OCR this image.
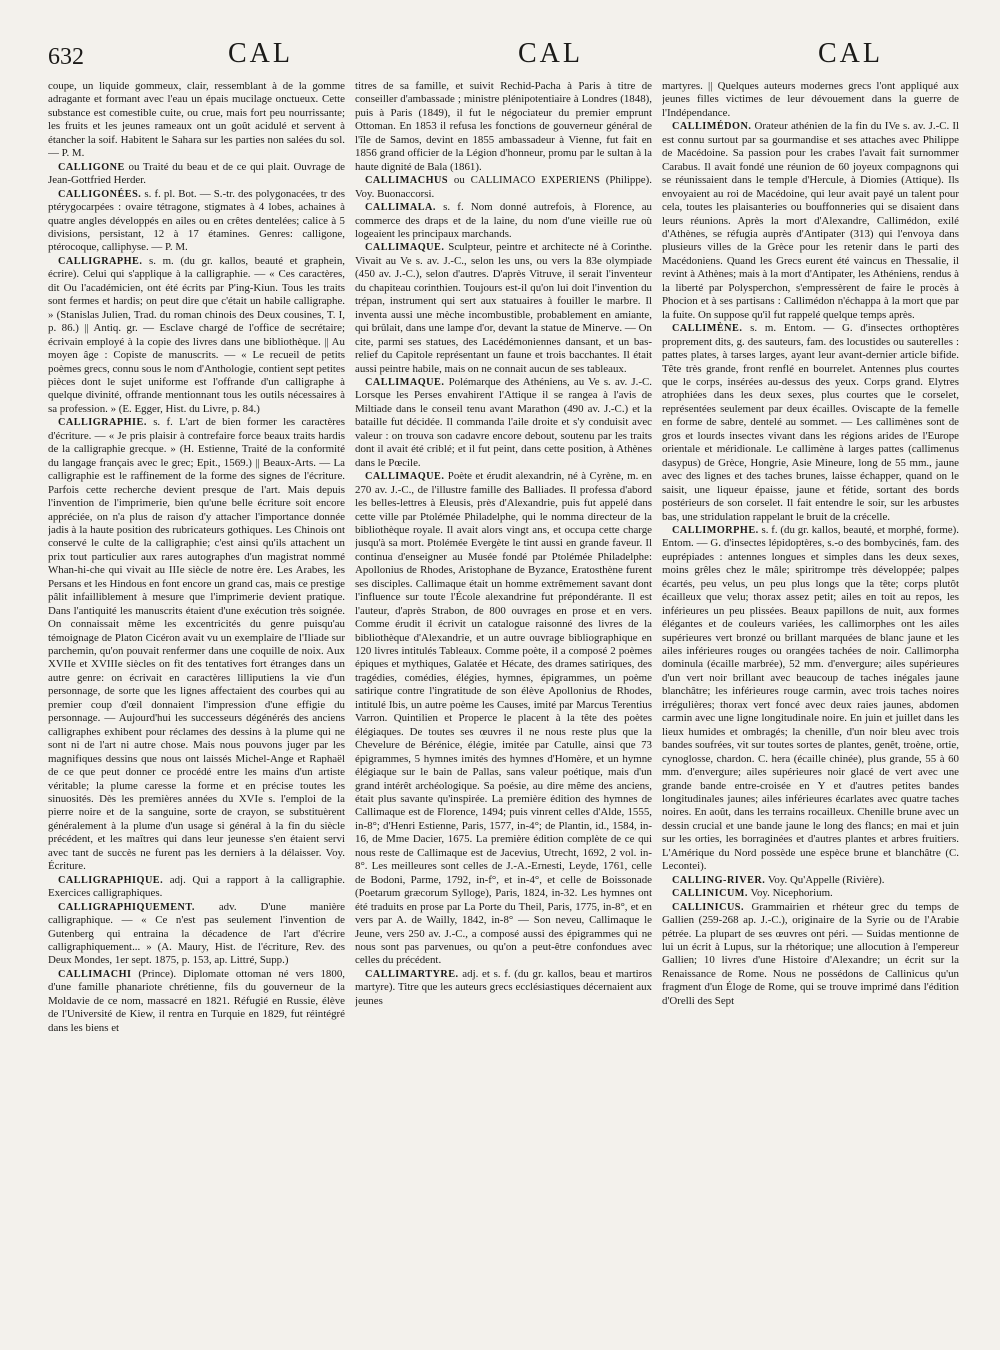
632	CAL	CAL	CAL

coupe, un liquide gommeux, clair, ressemblant à de la gomme adragante et formant avec l'eau un épais mucilage onctueux. Cette substance est comestible cuite, ou crue, mais fort peu nourrissante; les fruits et les jeunes rameaux ont un goût acidulé et servent à étancher la soif. Habitent le Sahara sur les parties non salées du sol. — P. M.

CALLIGONE ou Traité du beau et de ce qui plait. Ouvrage de Jean-Gottfried Herder.

CALLIGONÉES. s. f. pl. Bot. — S.-tr. des polygonacées, tr des ptérygocarpées : ovaire tétragone, stigmates à 4 lobes, achaines à quatre angles développés en ailes ou en crêtes dentelées; calice à 5 divisions, persistant, 12 à 17 étamines. Genres: calligone, ptérocoque, calliphyse. — P. M.

CALLIGRAPHE. s. m. (du gr. kallos, beauté et graphein, écrire). Celui qui s'applique à la calligraphie. — « Ces caractères, dit Ou l'académicien, ont été écrits par P'ing-Kiun. Tous les traits sont fermes et hardis; on peut dire que c'était un habile calligraphe. » (Stanislas Julien, Trad. du roman chinois des Deux cousines, T. I, p. 86.) || Antiq. gr. — Esclave chargé de l'office de secrétaire; écrivain employé à la copie des livres dans une bibliothèque. || Au moyen âge : Copiste de manuscrits. — « Le recueil de petits poèmes grecs, connu sous le nom d'Anthologie, contient sept petites pièces dont le sujet uniforme est l'offrande d'un calligraphe à quelque divinité, offrande mentionnant tous les outils nécessaires à sa profession. » (E. Egger, Hist. du Livre, p. 84.)

CALLIGRAPHIE. s. f. L'art de bien former les caractères d'écriture. — « Je pris plaisir à contrefaire force beaux traits hardis de la calligraphie grecque. » (H. Estienne, Traité de la conformité du langage français avec le grec; Epit., 1569.) || Beaux-Arts. — La calligraphie est le raffinement de la forme des signes de l'écriture. Parfois cette recherche devient presque de l'art. Mais depuis l'invention de l'imprimerie, bien qu'une belle écriture soit encore appréciée, on n'a plus de raison d'y attacher l'importance donnée jadis à la haute position des rubricateurs gothiques. Les Chinois ont conservé le culte de la calligraphie; c'est ainsi qu'ils attachent un prix tout particulier aux rares autographes d'un magistrat nommé Whan-hi-che qui vivait au IIIe siècle de notre ère. Les Arabes, les Persans et les Hindous en font encore un grand cas, mais ce prestige pâlit infailliblement à mesure que l'imprimerie devient pratique. Dans l'antiquité les manuscrits étaient d'une exécution très soignée. On connaissait même les excentricités du genre puisqu'au témoignage de Platon Cicéron avait vu un exemplaire de l'Iliade sur parchemin, qu'on pouvait renfermer dans une coquille de noix. Aux XVIIe et XVIIIe siècles on fit des tentatives fort étranges dans un autre genre: on écrivait en caractères lilliputiens la vie d'un personnage, de sorte que les lignes affectaient des courbes qui au premier coup d'œil donnaient l'impression d'une effigie du personnage. — Aujourd'hui les successeurs dégénérés des anciens calligraphes exhibent pour réclames des dessins à la plume qui ne sont ni de l'art ni autre chose. Mais nous pouvons juger par les magnifiques dessins que nous ont laissés Michel-Ange et Raphaël de ce que peut donner ce procédé entre les mains d'un artiste véritable; la plume caresse la forme et en précise toutes les sinuosités. Dès les premières années du XVIe s. l'emploi de la pierre noire et de la sanguine, sorte de crayon, se substituèrent généralement à la plume d'un usage si général à la fin du siècle précédent, et les maîtres qui dans leur jeunesse s'en étaient servi avec tant de succès ne furent pas les derniers à la délaisser. Voy. Écriture.

CALLIGRAPHIQUE. adj. Qui a rapport à la calligraphie. Exercices calligraphiques.

CALLIGRAPHIQUEMENT. adv. D'une manière calligraphique. — « Ce n'est pas seulement l'invention de Gutenberg qui entraina la décadence de l'art d'écrire calligraphiquement... » (A. Maury, Hist. de l'écriture, Rev. des Deux Mondes, 1er sept. 1875, p. 153, ap. Littré, Supp.)

CALLIMACHI (Prince). Diplomate ottoman né vers 1800, d'une famille phanariote chrétienne, fils du gouverneur de la Moldavie de ce nom, massacré en 1821. Réfugié en Russie, élève de l'Université de Kiew, il rentra en Turquie en 1829, fut réintégré dans les biens et

titres de sa famille, et suivit Rechid-Pacha à Paris à titre de conseiller d'ambassade ; ministre plénipotentiaire à Londres (1848), puis à Paris (1849), il fut le négociateur du premier emprunt Ottoman. En 1853 il refusa les fonctions de gouverneur général de l'île de Samos, devint en 1855 ambassadeur à Vienne, fut fait en 1856 grand officier de la Légion d'honneur, promu par le sultan à la haute dignité de Bala (1861).

CALLIMACHUS ou CALLIMACO EXPERIENS (Philippe). Voy. Buonaccorsi.

CALLIMALA. s. f. Nom donné autrefois, à Florence, au commerce des draps et de la laine, du nom d'une vieille rue où logeaient les principaux marchands.

CALLIMAQUE. Sculpteur, peintre et architecte né à Corinthe. Vivait au Ve s. av. J.-C., selon les uns, ou vers la 83e olympiade (450 av. J.-C.), selon d'autres. D'après Vitruve, il serait l'inventeur du chapiteau corinthien. Toujours est-il qu'on lui doit l'invention du trépan, instrument qui sert aux statuaires à fouiller le marbre. Il inventa aussi une mèche incombustible, probablement en amiante, qui brûlait, dans une lampe d'or, devant la statue de Minerve. — On cite, parmi ses statues, des Lacédémoniennes dansant, et un bas-relief du Capitole représentant un faune et trois bacchantes. Il était aussi peintre habile, mais on ne connait aucun de ses tableaux.

CALLIMAQUE. Polémarque des Athéniens, au Ve s. av. J.-C. Lorsque les Perses envahirent l'Attique il se rangea à l'avis de Miltiade dans le conseil tenu avant Marathon (490 av. J.-C.) et la bataille fut décidée. Il commanda l'aile droite et s'y conduisit avec valeur : on trouva son cadavre encore debout, soutenu par les traits dont il avait été criblé; et il fut peint, dans cette position, à Athènes dans le Pœcile.

CALLIMAQUE. Poète et érudit alexandrin, né à Cyrène, m. en 270 av. J.-C., de l'illustre famille des Balliades. Il professa d'abord les belles-lettres à Eleusis, près d'Alexandrie, puis fut appelé dans cette ville par Ptolémée Philadelphe, qui le nomma directeur de la bibliothèque royale. Il avait alors vingt ans, et occupa cette charge jusqu'à sa mort. Ptolémée Evergète le tint aussi en grande faveur. Il continua d'enseigner au Musée fondé par Ptolémée Philadelphe: Apollonius de Rhodes, Aristophane de Byzance, Eratosthène furent ses disciples. Callimaque était un homme extrêmement savant dont l'influence sur toute l'École alexandrine fut prépondérante. Il est l'auteur, d'après Strabon, de 800 ouvrages en prose et en vers. Comme érudit il écrivit un catalogue raisonné des livres de la bibliothèque d'Alexandrie, et un autre ouvrage bibliographique en 120 livres intitulés Tableaux. Comme poète, il a composé 2 poèmes épiques et mythiques, Galatée et Hécate, des drames satiriques, des tragédies, comédies, élégies, hymnes, épigrammes, un poème satirique contre l'ingratitude de son élève Apollonius de Rhodes, intitulé Ibis, un autre poème les Causes, imité par Marcus Terentius Varron. Quintilien et Properce le placent à la tête des poètes élégiaques. De toutes ses œuvres il ne nous reste plus que la Chevelure de Bérénice, élégie, imitée par Catulle, ainsi que 73 épigrammes, 5 hymnes imités des hymnes d'Homère, et un hymne élégiaque sur le bain de Pallas, sans valeur poétique, mais d'un grand intérêt archéologique. Sa poésie, au dire même des anciens, était plus savante qu'inspirée. La première édition des hymnes de Callimaque est de Florence, 1494; puis vinrent celles d'Alde, 1555, in-8°; d'Henri Estienne, Paris, 1577, in-4°; de Plantin, id., 1584, in-16, de Mme Dacier, 1675. La première édition complète de ce qui nous reste de Callimaque est de Jacevius, Utrecht, 1692, 2 vol. in-8°. Les meilleures sont celles de J.-A.-Ernesti, Leyde, 1761, celle de Bodoni, Parme, 1792, in-f°, et in-4°, et celle de Boissonade (Poetarum græcorum Sylloge), Paris, 1824, in-32. Les hymnes ont été traduits en prose par La Porte du Theil, Paris, 1775, in-8°, et en vers par A. de Wailly, 1842, in-8° — Son neveu, Callimaque le Jeune, vers 250 av. J.-C., a composé aussi des épigrammes qui ne nous sont pas parvenues, ou qu'on a peut-être confondues avec celles du précédent.

CALLIMARTYRE. adj. et s. f. (du gr. kallos, beau et martiros martyre). Titre que les auteurs grecs ecclésiastiques décernaient aux jeunes

martyres. || Quelques auteurs modernes grecs l'ont appliqué aux jeunes filles victimes de leur dévouement dans la guerre de l'Indépendance.

CALLIMÉDON. Orateur athénien de la fin du IVe s. av. J.-C. Il est connu surtout par sa gourmandise et ses attaches avec Philippe de Macédoine. Sa passion pour les crabes l'avait fait surnommer Carabus. Il avait fondé une réunion de 60 joyeux compagnons qui se réunissaient dans le temple d'Hercule, à Diomies (Attique). Ils envoyaient au roi de Macédoine, qui leur avait payé un talent pour cela, toutes les plaisanteries ou bouffonneries qui se disaient dans leurs réunions. Après la mort d'Alexandre, Callimédon, exilé d'Athènes, se réfugia auprès d'Antipater (313) qui l'envoya dans plusieurs villes de la Grèce pour les retenir dans le parti des Macédoniens. Quand les Grecs eurent été vaincus en Thessalie, il revint à Athènes; mais à la mort d'Antipater, les Athéniens, rendus à la liberté par Polysperchon, s'empressèrent de faire le procès à Phocion et à ses partisans : Callimédon n'échappa à la mort que par la fuite. On suppose qu'il fut rappelé quelque temps après.

CALLIMÈNE. s. m. Entom. — G. d'insectes orthoptères proprement dits, g. des sauteurs, fam. des locustides ou sauterelles : pattes plates, à tarses larges, ayant leur avant-dernier article bifide. Tête très grande, front renflé en bourrelet. Antennes plus courtes que le corps, insérées au-dessus des yeux. Corps grand. Elytres atrophiées dans les deux sexes, plus courtes que le corselet, représentées seulement par deux écailles. Oviscapte de la femelle en forme de sabre, dentelé au sommet. — Les callimènes sont de gros et lourds insectes vivant dans les régions arides de l'Europe orientale et méridionale. Le callimène à larges pattes (callimenus dasypus) de Grèce, Hongrie, Asie Mineure, long de 55 mm., jaune avec des lignes et des taches brunes, laisse échapper, quand on le saisit, une liqueur épaisse, jaune et fétide, sortant des bords postérieurs de son corselet. Il fait entendre le soir, sur les arbustes bas, une stridulation rappelant le bruit de la crécelle.

CALLIMORPHE. s. f. (du gr. kallos, beauté, et morphé, forme). Entom. — G. d'insectes lépidoptères, s.-o des bombycinés, fam. des euprépiades : antennes longues et simples dans les deux sexes, moins grêles chez le mâle; spiritrompe très développée; palpes écartés, peu velus, un peu plus longs que la tête; corps plutôt écailleux que velu; thorax assez petit; ailes en toit au repos, les inférieures un peu plissées. Beaux papillons de nuit, aux formes élégantes et de couleurs variées, les callimorphes ont les ailes supérieures vert bronzé ou brillant marquées de blanc jaune et les ailes inférieures rouges ou orangées tachées de noir. Callimorpha dominula (écaille marbrée), 52 mm. d'envergure; ailes supérieures d'un vert noir brillant avec beaucoup de taches inégales jaune blanchâtre; les inférieures rouge carmin, avec trois taches noires irrégulières; thorax vert foncé avec deux raies jaunes, abdomen carmin avec une ligne longitudinale noire. En juin et juillet dans les lieux humides et ombragés; la chenille, d'un noir bleu avec trois bandes soufrées, vit sur toutes sortes de plantes, genêt, troène, ortie, cynoglosse, chardon. C. hera (écaille chinée), plus grande, 55 à 60 mm. d'envergure; ailes supérieures noir glacé de vert avec une grande bande entre-croisée en Y et d'autres petites bandes longitudinales jaunes; ailes inférieures écarlates avec quatre taches noires. En août, dans les terrains rocailleux. Chenille brune avec un dessin crucial et une bande jaune le long des flancs; en mai et juin sur les orties, les borraginées et d'autres plantes et arbres fruitiers. L'Amérique du Nord possède une espèce brune et blanchâtre (C. Lecontei).

CALLING-RIVER. Voy. Qu'Appelle (Rivière).

CALLINICUM. Voy. Nicephorium.

CALLINICUS. Grammairien et rhéteur grec du temps de Gallien (259-268 ap. J.-C.), originaire de la Syrie ou de l'Arabie pétrée. La plupart de ses œuvres ont péri. — Suidas mentionne de lui un écrit à Lupus, sur la rhétorique; une allocution à l'empereur Gallien; 10 livres d'une Histoire d'Alexandre; un écrit sur la Renaissance de Rome. Nous ne possédons de Callinicus qu'un fragment d'un Éloge de Rome, qui se trouve imprimé dans l'édition d'Orelli des Sept
